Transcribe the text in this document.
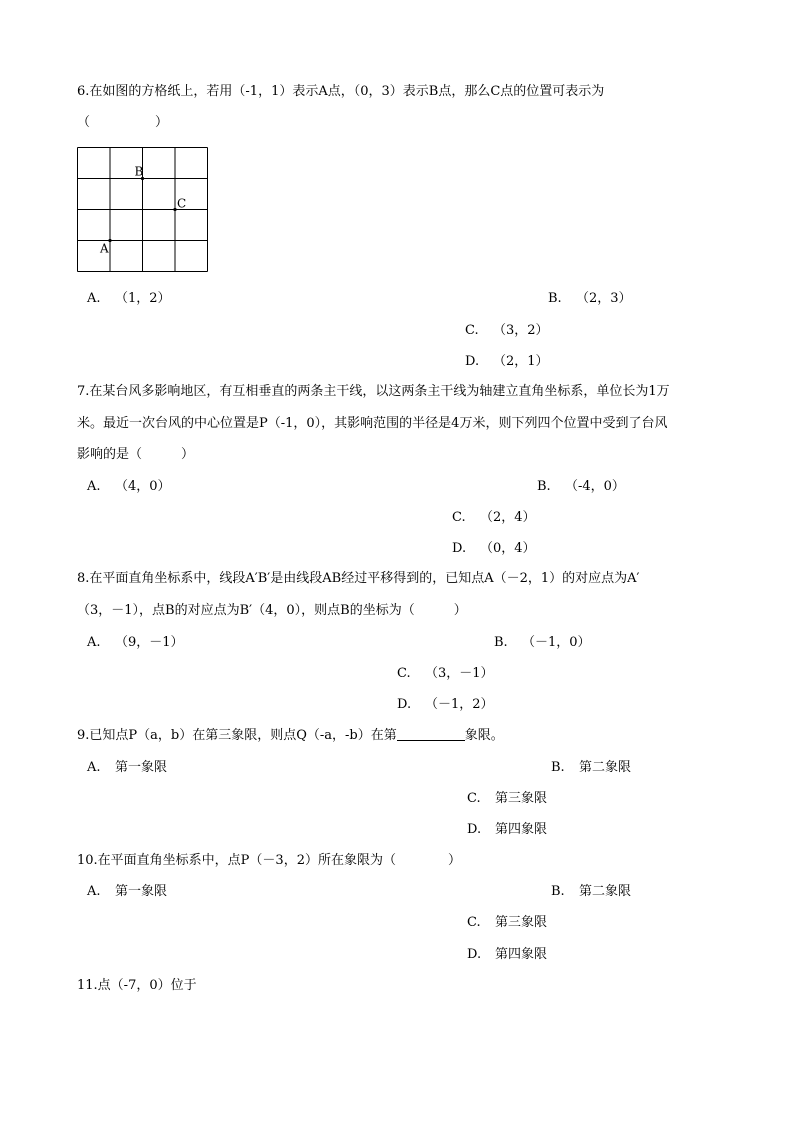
6.在如图的方格纸上，若用（-1，1）表示A点，（0，3）表示B点，那么C点的位置可表示为
（　　　　　）
A
B
C
A. （1，2）	B. （2，3）
C. （3，2）
D. （2，1）
7.在某台风多影响地区，有互相垂直的两条主干线，以这两条主干线为轴建立直角坐标系，单位长为1万
米。最近一次台风的中心位置是P（-1，0），其影响范围的半径是4万米，则下列四个位置中受到了台风
影响的是（　　　）
A. （4，0）	B. （-4，0）
C. （2，4）
D. （0，4）
8.在平面直角坐标系中，线段A′B′是由线段AB经过平移得到的，已知点A（－2，1）的对应点为A′
（3，－1），点B的对应点为B′（4，0），则点B的坐标为（　　　）
A. （9，－1）	B. （－1，0）
C. （3，－1）
D. （－1，2）
9.已知点P（a，b）在第三象限，则点Q（-a，-b）在第	象限。
A. 第一象限	B. 第二象限
C. 第三象限
D. 第四象限
10.在平面直角坐标系中，点P（－3，2）所在象限为（　　　　）
A. 第一象限	B. 第二象限
C. 第三象限
D. 第四象限
11.点（-7，0）位于
